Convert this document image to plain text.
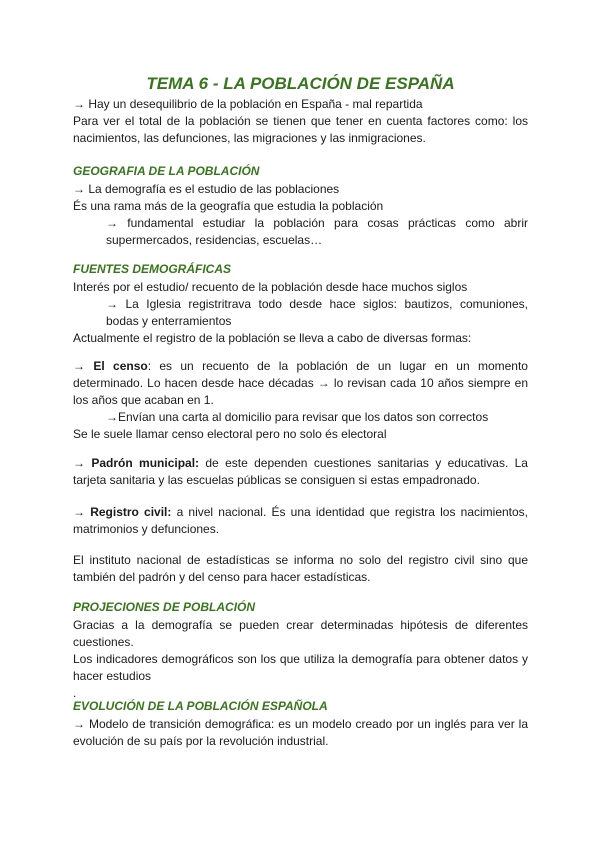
TEMA 6 - LA POBLACIÓN DE ESPAÑA
→ Hay un desequilibrio de la población en España - mal repartida
Para ver el total de la población se tienen que tener en cuenta factores como: los
nacimientos, las defunciones, las migraciones y las inmigraciones.
GEOGRAFIA DE LA POBLACIÓN
→ La demografía es el estudio de las poblaciones
És una rama más de la geografía que estudia la población
→ fundamental estudiar la población para cosas prácticas como abrir
supermercados, residencias, escuelas…
FUENTES DEMOGRÁFICAS
Interés por el estudio/ recuento de la población desde hace muchos siglos
→ La Iglesia registritrava todo desde hace siglos: bautizos, comuniones,
bodas y enterramientos
Actualmente el registro de la población se lleva a cabo de diversas formas:
→ El censo: es un recuento de la población de un lugar en un momento
determinado. Lo hacen desde hace décadas → lo revisan cada 10 años siempre en
los años que acaban en 1.
→Envían una carta al domicilio para revisar que los datos son correctos
Se le suele llamar censo electoral pero no solo és electoral
→ Padrón municipal: de este dependen cuestiones sanitarias y educativas. La
tarjeta sanitaria y las escuelas públicas se consiguen si estas empadronado.
→ Registro civil: a nivel nacional. És una identidad que registra los nacimientos,
matrimonios y defunciones.
El instituto nacional de estadísticas se informa no solo del registro civil sino que
también del padrón y del censo para hacer estadísticas.
PROJECIONES DE POBLACIÓN
Gracias a la demografía se pueden crear determinadas hipótesis de diferentes
cuestiones.
Los indicadores demográficos son los que utiliza la demografía para obtener datos y
hacer estudios
.
EVOLUCIÓN DE LA POBLACIÓN ESPAÑOLA
→ Modelo de transición demográfica: es un modelo creado por un inglés para ver la
evolución de su país por la revolución industrial.
